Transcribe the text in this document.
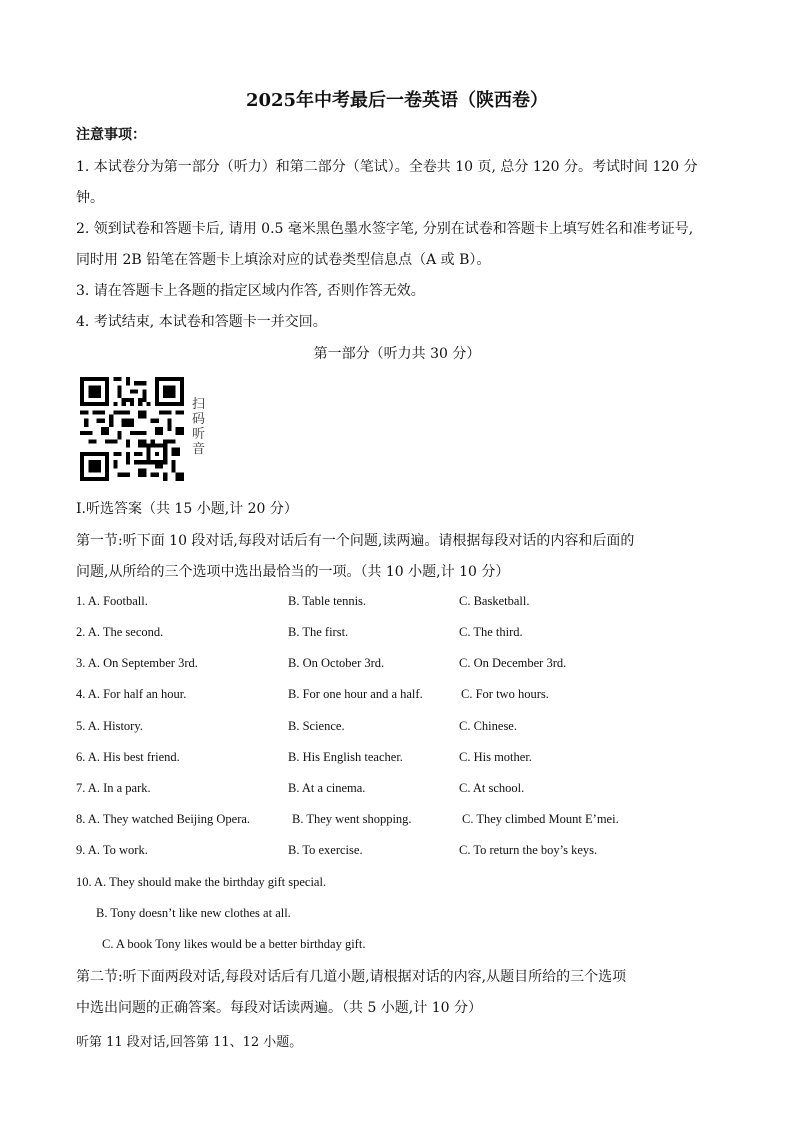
2025年中考最后一卷英语（陕西卷）
注意事项：
1. 本试卷分为第一部分（听力）和第二部分（笔试）。全卷共 10 页, 总分 120 分。考试时间 120 分
钟。
2. 领到试卷和答题卡后, 请用 0.5 毫米黑色墨水签字笔, 分别在试卷和答题卡上填写姓名和准考证号,
同时用 2B 铅笔在答题卡上填涂对应的试卷类型信息点（A 或 B）。
3. 请在答题卡上各题的指定区域内作答, 否则作答无效。
4. 考试结束, 本试卷和答题卡一并交回。
第一部分（听力共 30 分）
扫
码
听
音
I.听选答案（共 15 小题,计 20 分）
第一节:听下面 10 段对话,每段对话后有一个问题,读两遍。请根据每段对话的内容和后面的
问题,从所给的三个选项中选出最恰当的一项。（共 10 小题,计 10 分）
1. A. Football.	B. Table tennis.	C. Basketball.
2. A. The second.	B. The first.	C. The third.
3. A. On September 3rd.	B. On October 3rd.	C. On December 3rd.
4. A. For half an hour.	B. For one hour and a half.	C. For two hours.
5. A. History.	B. Science.	C. Chinese.
6. A. His best friend.	B. His English teacher.	C. His mother.
7. A. In a park.	B. At a cinema.	C. At school.
8. A. They watched Beijing Opera.	B. They went shopping.	C. They climbed Mount E’mei.
9. A. To work.	B. To exercise.	C. To return the boy’s keys.
10. A. They should make the birthday gift special.
B. Tony doesn’t like new clothes at all.
C. A book Tony likes would be a better birthday gift.
第二节:听下面两段对话,每段对话后有几道小题,请根据对话的内容,从题目所给的三个选项
中选出问题的正确答案。每段对话读两遍。（共 5 小题,计 10 分）
听第 11 段对话,回答第 11、12 小题。
